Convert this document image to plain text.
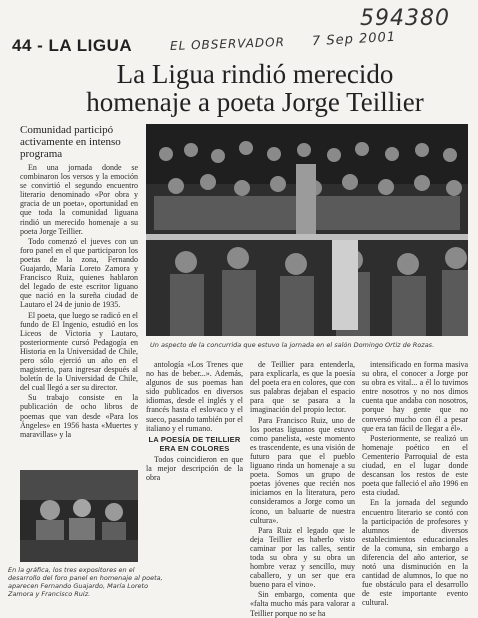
594380
EL OBSERVADOR 7 Sep 2001
44 - LA LIGUA
La Ligua rindió merecido homenaje a poeta Jorge Teillier
Comunidad participó activamente en intenso programa

En una jornada donde se combinaron los versos y la emoción se convirtió el segundo encuentro literario denominado «Por obra y gracia de un poeta», oportunidad en que toda la comunidad liguana rindió un merecido homenaje a su poeta Jorge Teillier.

Todo comenzó el jueves con un foro panel en el que participaron los poetas de la zona, Fernando Guajardo, María Loreto Zamora y Francisco Ruiz, quienes hablaron del legado de este escritor liguano que nació en la sureña ciudad de Lautaro el 24 de junio de 1935.

El poeta, que luego se radicó en el fundo de El Ingenio, estudió en los Liceos de Victoria y Lautaro, posteriormente cursó Pedagogía en Historia en la Universidad de Chile, pero sólo ejerció un año en el magisterio, para ingresar después al boletín de la Universidad de Chile, del cual llegó a ser su director.

Su trabajo consiste en la publicación de ocho libros de poemas que van desde «Para los Ángeles» en 1956 hasta «Muertes y maravillas» y la

Un aspecto de la concurrida que estuvo la jornada en el salón Domingo Ortiz de Rozas.

antología «Los Trenes que no has de beber...». Además, algunos de sus poemas han sido publicados en diversos idiomas, desde el inglés y el francés hasta el eslovaco y el sueco, pasando también por el italiano y el rumano.

LA POESÍA DE TEILLIER ERA EN COLORES

Todos coincidieron en que la mejor descripción de la obra

de Teillier para entenderla, para explicarla, es que la poesía del poeta era en colores, que con sus palabras dejaban el espacio para que se pasara a la imaginación del propio lector.

Para Francisco Ruiz, uno de los poetas liguanos que estuvo como panelista, «este momento es trascendente, es una visión de futuro para que el pueblo liguano rinda un homenaje a su poeta. Somos un grupo de poetas jóvenes que recién nos iniciamos en la literatura, pero consideramos a Jorge como un ícono, un baluarte de nuestra cultura».

Para Ruiz el legado que le deja Teillier es haberlo visto caminar por las calles, sentir toda su obra y su obra un hombre veraz y sencillo, muy caballero, y un ser que era bueno para el vino».

Sin embargo, comenta que «falta mucho más para valorar a Teillier porque no se ha

intensificado en forma masiva su obra, el conocer a Jorge por su obra es vital... a él lo tuvimos entre nosotros y no nos dimos cuenta que andaba con nosotros, porque hay gente que no conversó mucho con él a pesar que era tan fácil de llegar a él».

Posteriormente, se realizó un homenaje poético en el Cementerio Parroquial de esta ciudad, en el lugar donde descansan los restos de este poeta que falleció el año 1996 en esta ciudad.

En la jornada del segundo encuentro literario se contó con la participación de profesores y alumnos de diversos establecimientos educacionales de la comuna, sin embargo a diferencia del año anterior, se notó una disminución en la cantidad de alumnos, lo que no fue obstáculo para el desarrollo de este importante evento cultural.

En la gráfica, los tres expositores en el desarrollo del foro panel en homenaje al poeta, aparecen Fernando Guajardo, María Loreto Zamora y Francisco Ruiz.
